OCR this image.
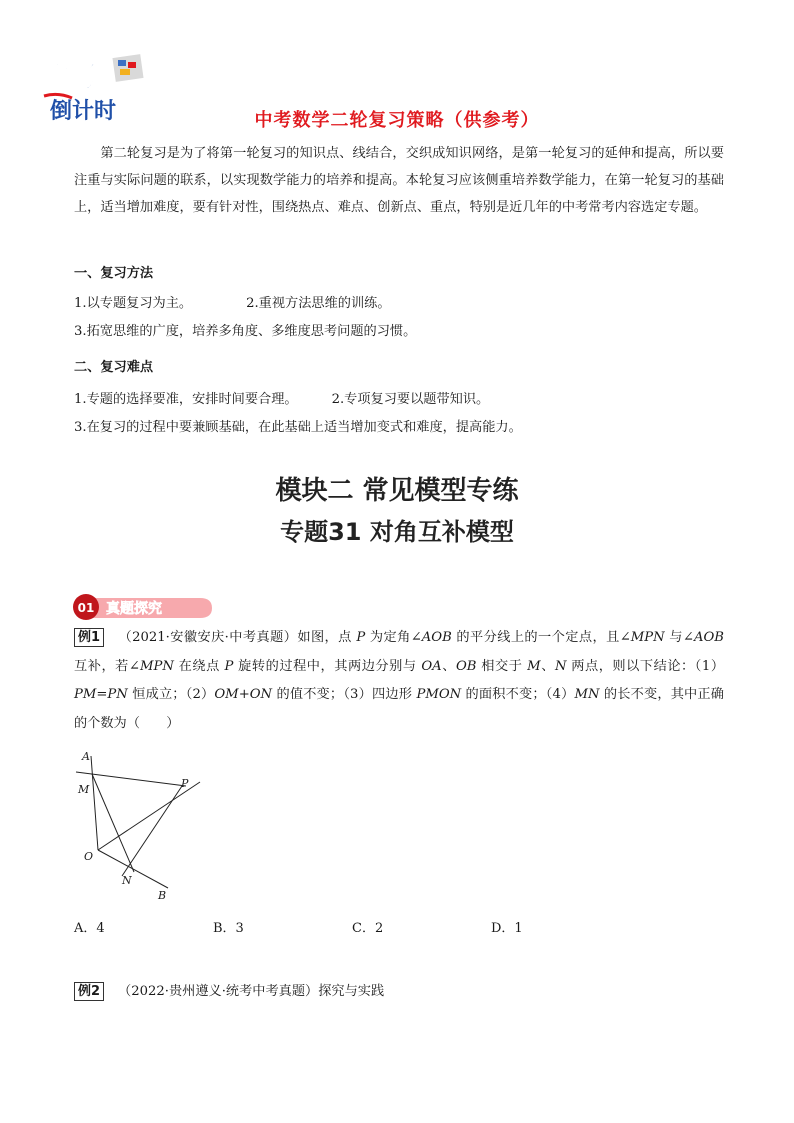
中考
倒计时	中考数学二轮复习策略（供参考）
第二轮复习是为了将第一轮复习的知识点、线结合，交织成知识网络，是第一轮复习的延伸和提高，所以要注重与实际问题的联系，以实现数学能力的培养和提高。本轮复习应该侧重培养数学能力，在第一轮复习的基础上，适当增加难度，要有针对性，围绕热点、难点、创新点、重点，特别是近几年的中考常考内容选定专题。
一、复习方法
1.以专题复习为主。	2.重视方法思维的训练。
3.拓宽思维的广度，培养多角度、多维度思考问题的习惯。
二、复习难点
1.专题的选择要准，安排时间要合理。	2.专项复习要以题带知识。
3.在复习的过程中要兼顾基础，在此基础上适当增加变式和难度，提高能力。
模块二 常见模型专练
专题31 对角互补模型
01 真题探究
例1 （2021·安徽安庆·中考真题）如图，点 P 为定角∠AOB 的平分线上的一个定点，且∠MPN 与∠AOB 互补，若∠MPN 在绕点 P 旋转的过程中，其两边分别与 OA、OB 相交于 M、N 两点，则以下结论：（1）PM=PN 恒成立；（2）OM+ON 的值不变；（3）四边形 PMON 的面积不变；（4）MN 的长不变，其中正确的个数为（　　）
A
M	P
O
N
B
A．4	B．3	C．2	D．1
例2 （2022·贵州遵义·统考中考真题）探究与实践
